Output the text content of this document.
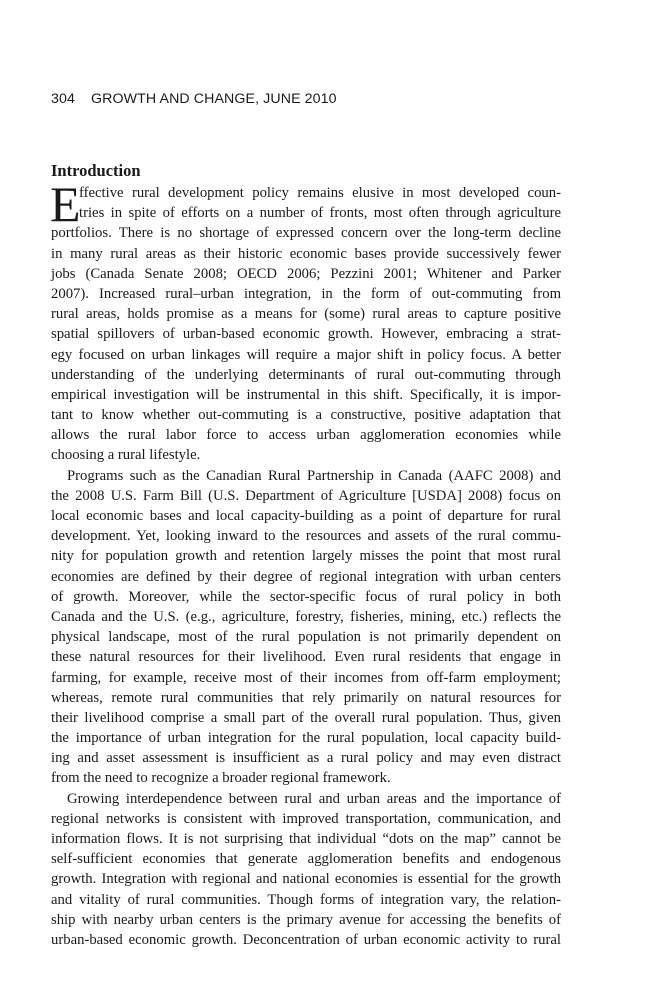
304 GROWTH AND CHANGE, JUNE 2010
Introduction
E
ffective rural development policy remains elusive in most developed coun-
tries in spite of efforts on a number of fronts, most often through agriculture
portfolios. There is no shortage of expressed concern over the long-term decline
in many rural areas as their historic economic bases provide successively fewer
jobs (Canada Senate 2008; OECD 2006; Pezzini 2001; Whitener and Parker
2007). Increased rural–urban integration, in the form of out-commuting from
rural areas, holds promise as a means for (some) rural areas to capture positive
spatial spillovers of urban-based economic growth. However, embracing a strat-
egy focused on urban linkages will require a major shift in policy focus. A better
understanding of the underlying determinants of rural out-commuting through
empirical investigation will be instrumental in this shift. Specifically, it is impor-
tant to know whether out-commuting is a constructive, positive adaptation that
allows the rural labor force to access urban agglomeration economies while
choosing a rural lifestyle.
Programs such as the Canadian Rural Partnership in Canada (AAFC 2008) and
the 2008 U.S. Farm Bill (U.S. Department of Agriculture [USDA] 2008) focus on
local economic bases and local capacity-building as a point of departure for rural
development. Yet, looking inward to the resources and assets of the rural commu-
nity for population growth and retention largely misses the point that most rural
economies are defined by their degree of regional integration with urban centers
of growth. Moreover, while the sector-specific focus of rural policy in both
Canada and the U.S. (e.g., agriculture, forestry, fisheries, mining, etc.) reflects the
physical landscape, most of the rural population is not primarily dependent on
these natural resources for their livelihood. Even rural residents that engage in
farming, for example, receive most of their incomes from off-farm employment;
whereas, remote rural communities that rely primarily on natural resources for
their livelihood comprise a small part of the overall rural population. Thus, given
the importance of urban integration for the rural population, local capacity build-
ing and asset assessment is insufficient as a rural policy and may even distract
from the need to recognize a broader regional framework.
Growing interdependence between rural and urban areas and the importance of
regional networks is consistent with improved transportation, communication, and
information flows. It is not surprising that individual “dots on the map” cannot be
self-sufficient economies that generate agglomeration benefits and endogenous
growth. Integration with regional and national economies is essential for the growth
and vitality of rural communities. Though forms of integration vary, the relation-
ship with nearby urban centers is the primary avenue for accessing the benefits of
urban-based economic growth. Deconcentration of urban economic activity to rural
